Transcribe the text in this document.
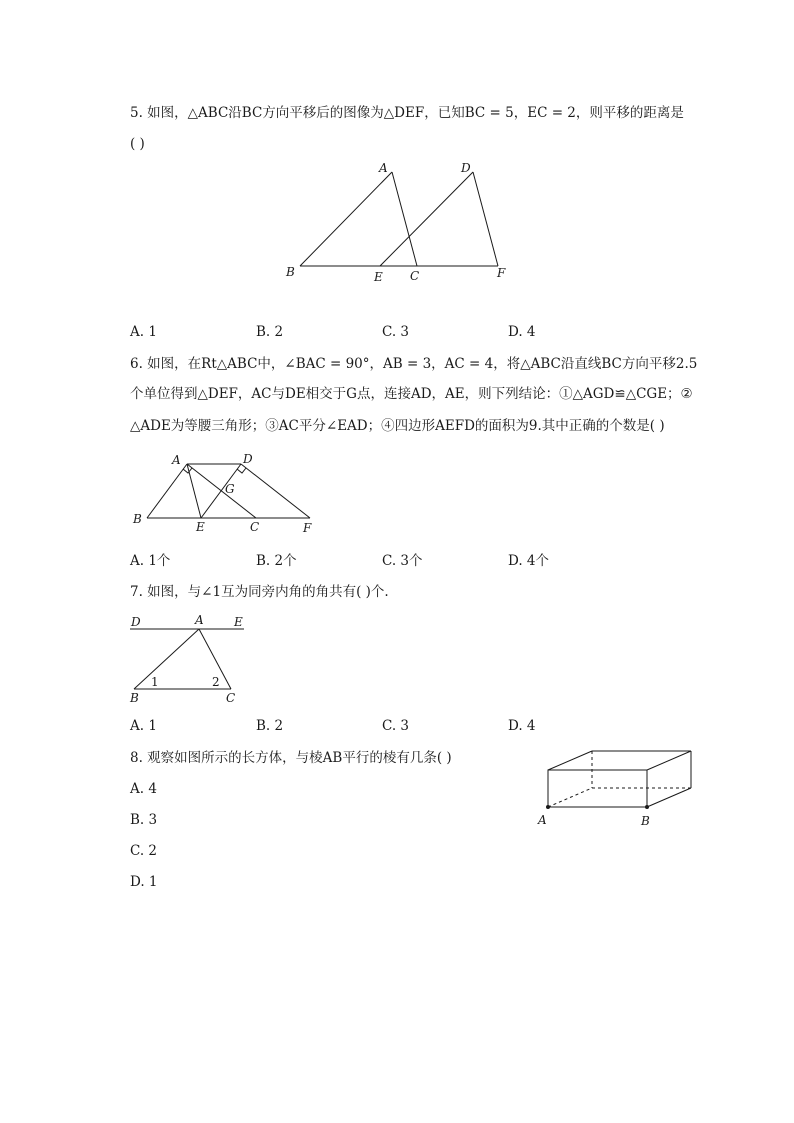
5. 如图，△ABC沿BC方向平移后的图像为△DEF，已知BC = 5，EC = 2，则平移的距离是
( )
A	D
B	E C	F
A. 1	B. 2	C. 3	D. 4
6. 如图，在Rt△ABC中，∠BAC = 90°，AB = 3，AC = 4，将△ABC沿直线BC方向平移2.5
个单位得到△DEF，AC与DE相交于G点，连接AD，AE，则下列结论：①△AGD≌△CGE；②
△ADE为等腰三角形；③AC平分∠EAD；④四边形AEFD的面积为9.其中正确的个数是( )
A	D
G
B
E	C	F
A. 1个	B. 2个	C. 3个	D. 4个
7. 如图，与∠1互为同旁内角的角共有( )个.
D	A	E
1	2
B	C
A. 1	B. 2	C. 3	D. 4
8. 观察如图所示的长方体，与棱AB平行的棱有几条( )
A	B
A. 4
B. 3
C. 2
D. 1
